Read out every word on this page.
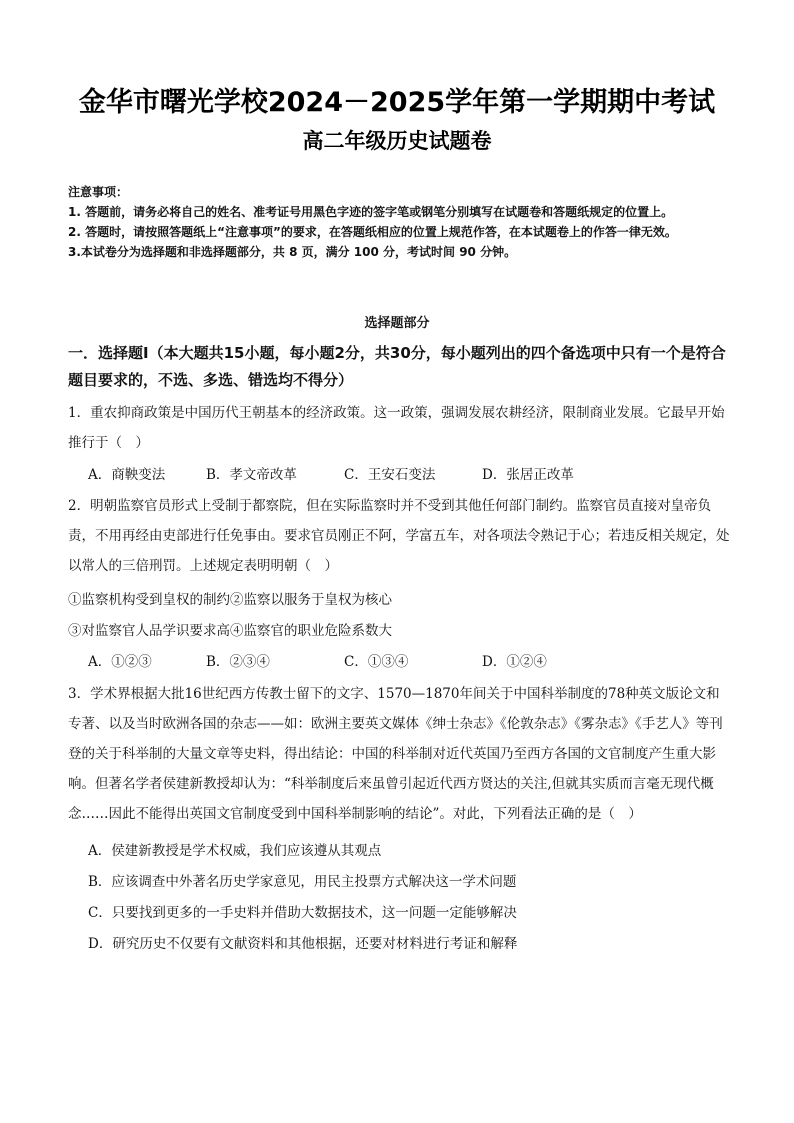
金华市曙光学校2024－2025学年第一学期期中考试
高二年级历史试题卷
注意事项：
1. 答题前，请务必将自己的姓名、准考证号用黑色字迹的签字笔或钢笔分别填写在试题卷和答题纸规定的位置上。
2. 答题时，请按照答题纸上“注意事项”的要求，在答题纸相应的位置上规范作答，在本试题卷上的作答一律无效。
3.本试卷分为选择题和非选择题部分，共 8 页，满分 100 分，考试时间 90 分钟。
选择题部分
一．选择题Ⅰ（本大题共15小题，每小题2分，共30分，每小题列出的四个备选项中只有一个是符合题目要求的，不选、多选、错选均不得分）
1．重农抑商政策是中国历代王朝基本的经济政策。这一政策，强调发展农耕经济，限制商业发展。它最早开始推行于（　）
A．商鞅变法	B．孝文帝改革	C．王安石变法	D．张居正改革
2．明朝监察官员形式上受制于都察院，但在实际监察时并不受到其他任何部门制约。监察官员直接对皇帝负责，不用再经由吏部进行任免事由。要求官员刚正不阿，学富五车，对各项法令熟记于心；若违反相关规定，处以常人的三倍刑罚。上述规定表明明朝（　）
①监察机构受到皇权的制约②监察以服务于皇权为核心
③对监察官人品学识要求高④监察官的职业危险系数大
A．①②③	B．②③④	C．①③④	D．①②④
3．学术界根据大批16世纪西方传教士留下的文字、1570—1870年间关于中国科举制度的78种英文版论文和专著、以及当时欧洲各国的杂志——如：欧洲主要英文媒体《绅士杂志》《伦敦杂志》《雾杂志》《手艺人》等刊登的关于科举制的大量文章等史料，得出结论：中国的科举制对近代英国乃至西方各国的文官制度产生重大影响。但著名学者侯建新教授却认为：“科举制度后来虽曾引起近代西方贤达的关注,但就其实质而言毫无现代概念……因此不能得出英国文官制度受到中国科举制影响的结论”。对此，下列看法正确的是（　）
A．侯建新教授是学术权威，我们应该遵从其观点
B．应该调查中外著名历史学家意见，用民主投票方式解决这一学术问题
C．只要找到更多的一手史料并借助大数据技术，这一问题一定能够解决
D．研究历史不仅要有文献资料和其他根据，还要对材料进行考证和解释
